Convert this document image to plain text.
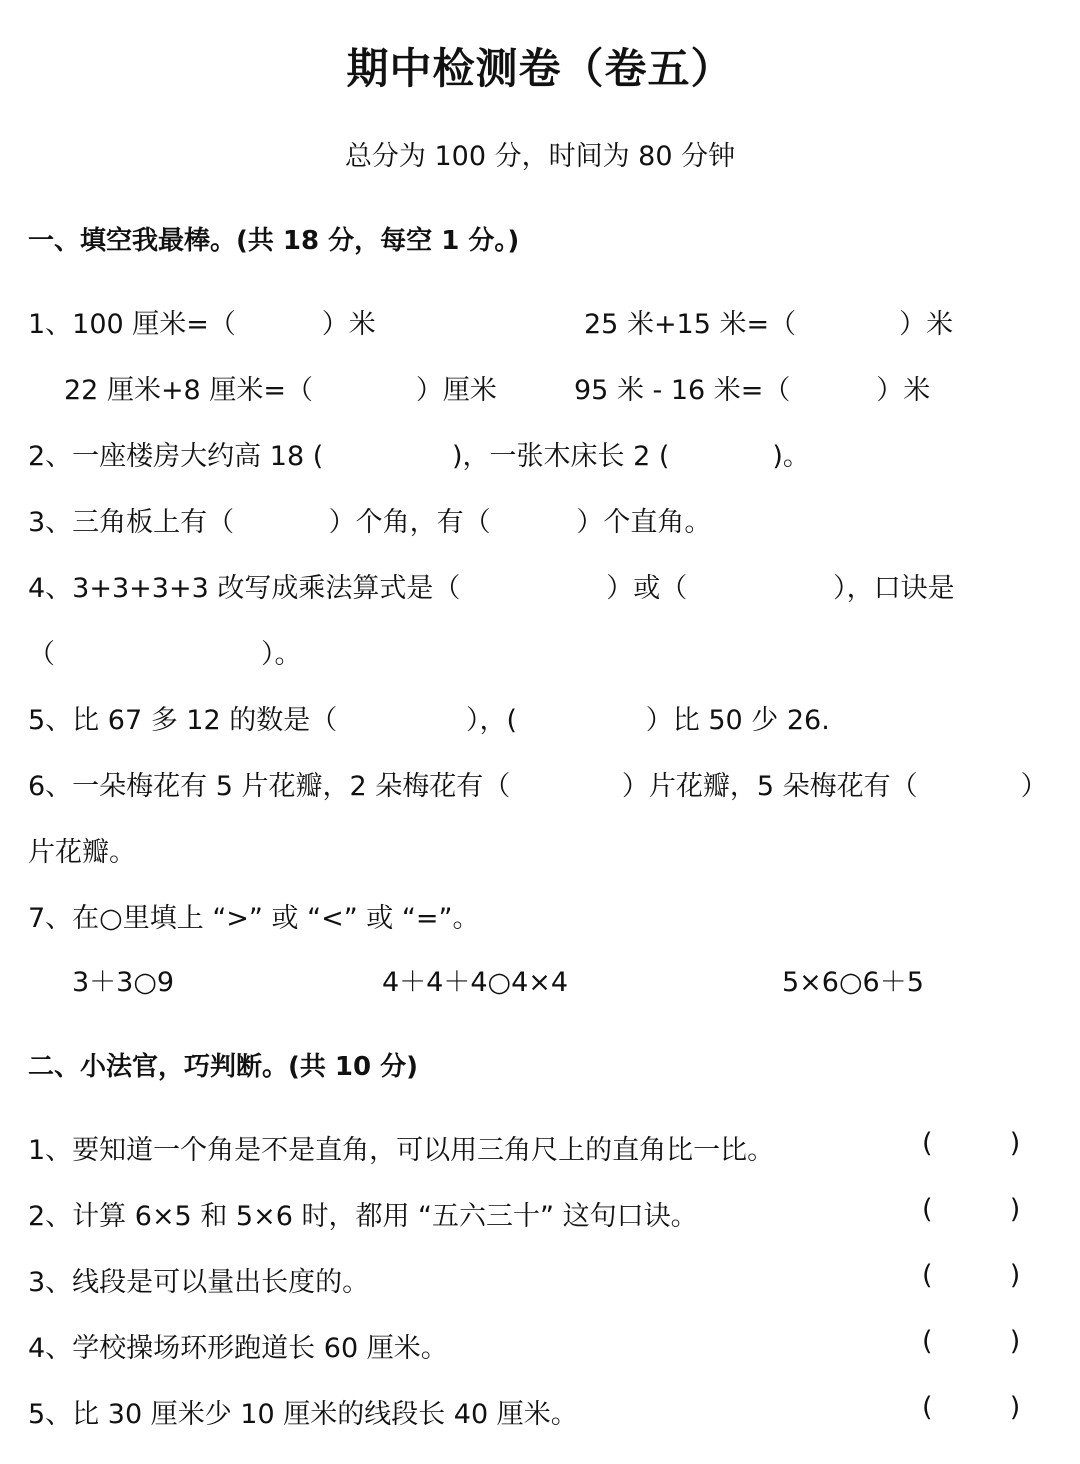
期中检测卷（卷五）
总分为 100 分，时间为 80 分钟
一、填空我最棒。(共 18 分，每空 1 分。)
1、100 厘米=（          ）米	25 米+15 米=（            ）米
22 厘米+8 厘米=（            ）厘米	95 米 - 16 米=（          ）米
2、一座楼房大约高 18 (               )，一张木床长 2 (            )。
3、三角板上有（           ）个角，有（          ）个直角。
4、3+3+3+3 改写成乘法算式是（                 ）或（                 ），口诀是
（                        ）。
5、比 67 多 12 的数是（               ），(               ）比 50 少 26.
6、一朵梅花有 5 片花瓣，2 朵梅花有（             ）片花瓣，5 朵梅花有（            ）
片花瓣。
7、在○里填上 “>” 或 “<” 或 “=”。
3＋3○9	4＋4＋4○4×4	5×6○6＋5
二、小法官，巧判断。(共 10 分)
1、要知道一个角是不是直角，可以用三角尺上的直角比一比。	(         )
2、计算 6×5 和 5×6 时，都用 “五六三十” 这句口诀。	(         )
3、线段是可以量出长度的。	(         )
4、学校操场环形跑道长 60 厘米。	(         )
5、比 30 厘米少 10 厘米的线段长 40 厘米。	(         )
